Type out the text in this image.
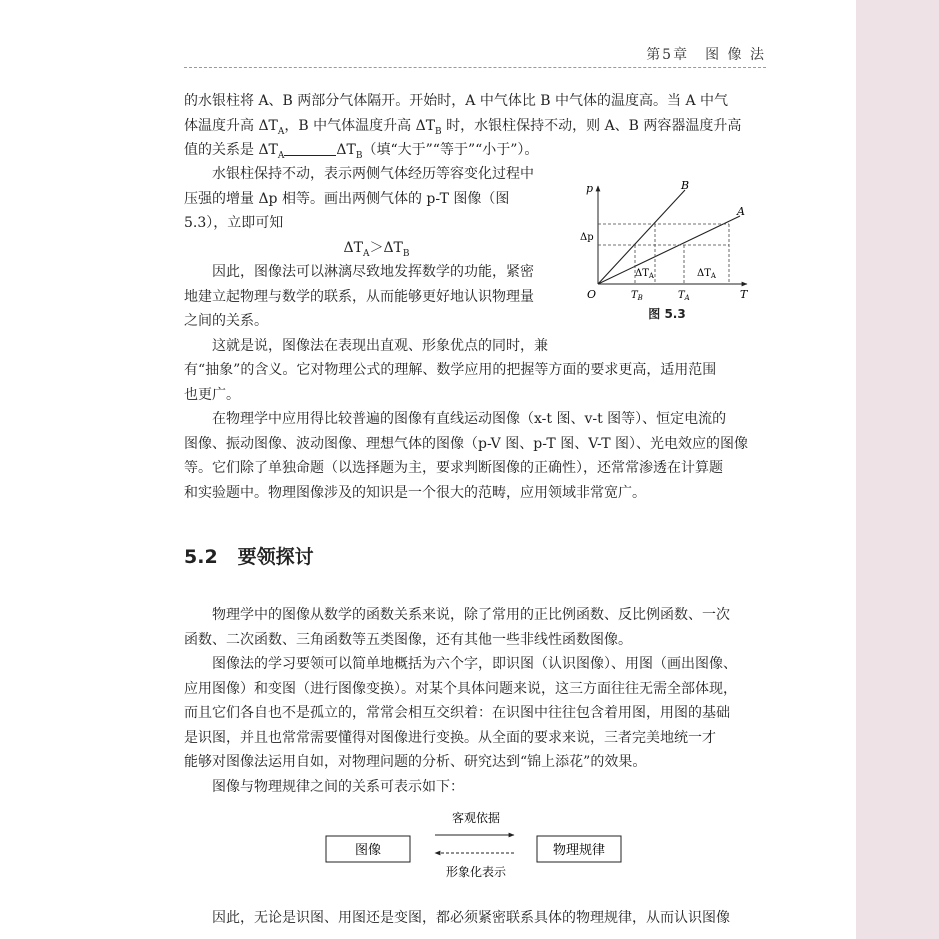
第5章　图 像 法
的水银柱将 A、B 两部分气体隔开。开始时，A 中气体比 B 中气体的温度高。当 A 中气
体温度升高 $\Delta T_A$，B 中气体温度升高 $\Delta T_B$ 时，水银柱保持不动，则 A、B 两容器温度升高
值的关系是 $\Delta T_A$	$\Delta T_B$（填“大于”“等于”“小于”）。
水银柱保持不动，表示两侧气体经历等容变化过程中
压强的增量 Δp 相等。画出两侧气体的 p-T 图像（图
5.3），立即可知
$\Delta T_A>\Delta T_B$
因此，图像法可以淋漓尽致地发挥数学的功能，紧密
地建立起物理与数学的联系，从而能够更好地认识物理量
之间的关系。
这就是说，图像法在表现出直观、形象优点的同时，兼
p
T
O
B
A
Δp
$T_B$	$T_A$
$\Delta T_A$	$\Delta T_A$
图 5.3
有“抽象”的含义。它对物理公式的理解、数学应用的把握等方面的要求更高，适用范围
也更广。
在物理学中应用得比较普遍的图像有直线运动图像（x-t 图、v-t 图等）、恒定电流的
图像、振动图像、波动图像、理想气体的图像（p-V 图、p-T 图、V-T 图）、光电效应的图像
等。它们除了单独命题（以选择题为主，要求判断图像的正确性），还常常渗透在计算题
和实验题中。物理图像涉及的知识是一个很大的范畴，应用领域非常宽广。
5.2 要领探讨
物理学中的图像从数学的函数关系来说，除了常用的正比例函数、反比例函数、一次
函数、二次函数、三角函数等五类图像，还有其他一些非线性函数图像。
图像法的学习要领可以简单地概括为六个字，即识图（认识图像）、用图（画出图像、
应用图像）和变图（进行图像变换）。对某个具体问题来说，这三方面往往无需全部体现，
而且它们各自也不是孤立的，常常会相互交织着：在识图中往往包含着用图，用图的基础
是识图，并且也常常需要懂得对图像进行变换。从全面的要求来说，三者完美地统一才
能够对图像法运用自如，对物理问题的分析、研究达到“锦上添花”的效果。
图像与物理规律之间的关系可表示如下：
图像	物理规律
客观依据
形象化表示
因此，无论是识图、用图还是变图，都必须紧密联系具体的物理规律，从而认识图像
